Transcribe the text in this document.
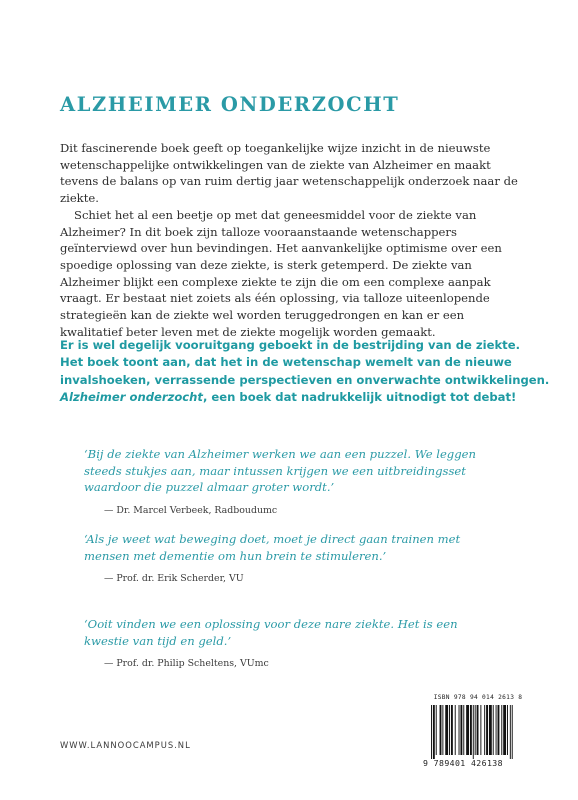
ALZHEIMER ONDERZOCHT

Dit fascinerende boek geeft op toegankelijke wijze inzicht in de nieuwste wetenschappelijke ontwikkelingen van de ziekte van Alzheimer en maakt tevens de balans op van ruim dertig jaar wetenschappelijk onderzoek naar de ziekte.

Schiet het al een beetje op met dat geneesmiddel voor de ziekte van Alzheimer? In dit boek zijn talloze vooraanstaande wetenschappers geïnterviewd over hun bevindingen. Het aanvankelijke optimisme over een spoedige oplossing van deze ziekte, is sterk getemperd. De ziekte van Alzheimer blijkt een complexe ziekte te zijn die om een complexe aanpak vraagt. Er bestaat niet zoiets als één oplossing, via talloze uiteenlopende strategieën kan de ziekte wel worden teruggedrongen en kan er een kwalitatief beter leven met de ziekte mogelijk worden gemaakt.

Er is wel degelijk vooruitgang geboekt in de bestrijding van de ziekte.
Het boek toont aan, dat het in de wetenschap wemelt van de nieuwe
invalshoeken, verrassende perspectieven en onverwachte ontwikkelingen.
Alzheimer onderzocht, een boek dat nadrukkelijk uitnodigt tot debat!
‘Bij de ziekte van Alzheimer werken we aan een puzzel. We leggen
steeds stukjes aan, maar intussen krijgen we een uitbreidingsset
waardoor die puzzel almaar groter wordt.’
— Dr. Marcel Verbeek, Radboudumc
‘Als je weet wat beweging doet, moet je direct gaan trainen met
mensen met dementie om hun brein te stimuleren.’
— Prof. dr. Erik Scherder, VU
‘Ooit vinden we een oplossing voor deze nare ziekte. Het is een
kwestie van tijd en geld.’
— Prof. dr. Philip Scheltens, VUmc
WWW.LANNOOCAMPUS.NL
ISBN 978 94 014 2613 8
9 789401 426138
